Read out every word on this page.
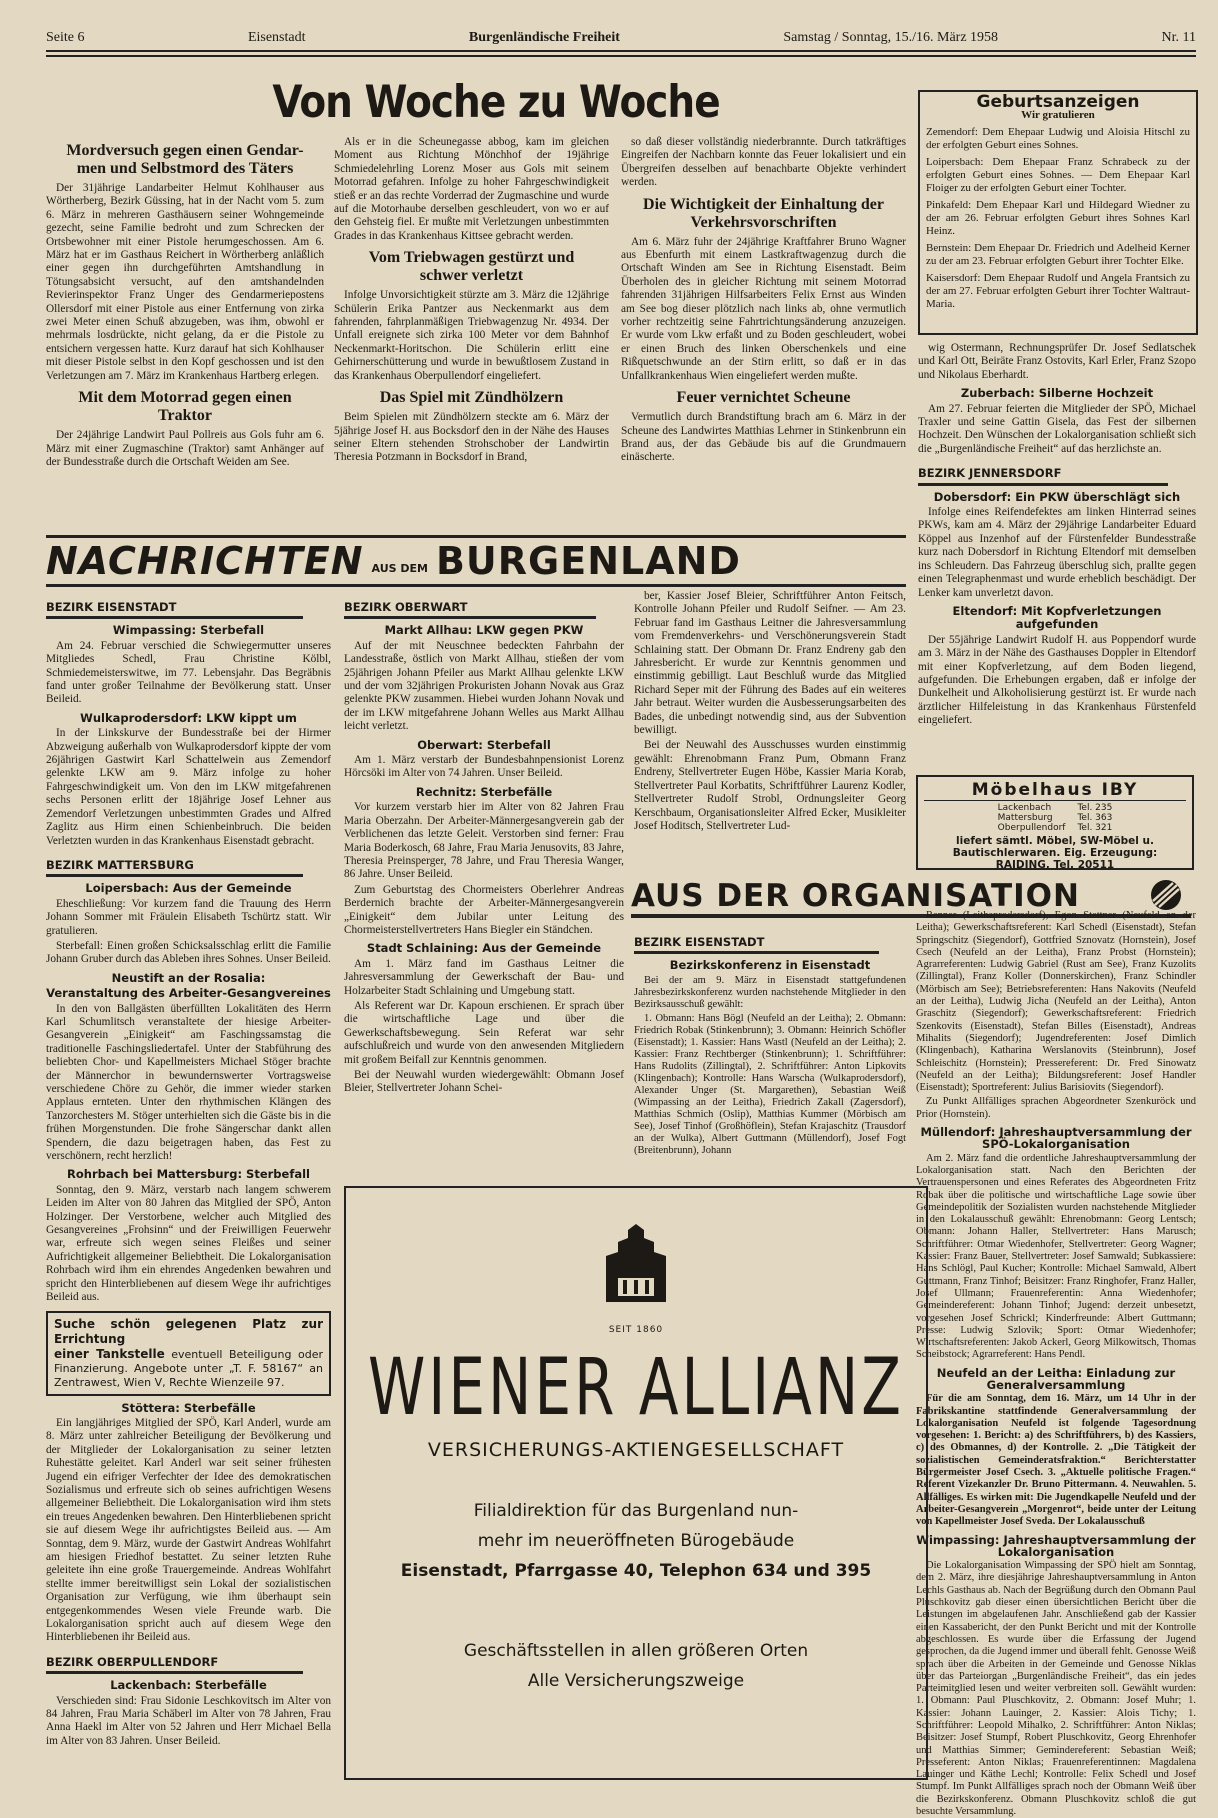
Seite 6	Eisenstadt	Burgenländische Freiheit	Samstag / Sonntag, 15./16. März 1958	Nr. 11
Von Woche zu Woche
Mordversuch gegen einen Gendar-
men und Selbstmord des Täters

Der 31jährige Landarbeiter Helmut Kohlhauser aus Wörtherberg, Bezirk Güssing, hat in der Nacht vom 5. zum 6. März in mehreren Gasthäusern seiner Wohngemeinde gezecht, seine Familie bedroht und zum Schrecken der Ortsbewohner mit einer Pistole herumgeschossen. Am 6. März hat er im Gasthaus Reichert in Wörtherberg anläßlich einer gegen ihn durchgeführten Amtshandlung in Tötungsabsicht versucht, auf den amtshandelnden Revierinspektor Franz Unger des Gendarmeriepostens Ollersdorf mit einer Pistole aus einer Entfernung von zirka zwei Meter einen Schuß abzugeben, was ihm, obwohl er mehrmals losdrückte, nicht gelang, da er die Pistole zu entsichern vergessen hatte. Kurz darauf hat sich Kohlhauser mit dieser Pistole selbst in den Kopf geschossen und ist den Verletzungen am 7. März im Krankenhaus Hartberg erlegen.

Mit dem Motorrad gegen einen
Traktor

Der 24jährige Landwirt Paul Pollreis aus Gols fuhr am 6. März mit einer Zugmaschine (Traktor) samt Anhänger auf der Bundesstraße durch die Ortschaft Weiden am See.

Als er in die Scheunegasse abbog, kam im gleichen Moment aus Richtung Mönchhof der 19jährige Schmiedelehrling Lorenz Moser aus Gols mit seinem Motorrad gefahren. Infolge zu hoher Fahrgeschwindigkeit stieß er an das rechte Vorderrad der Zugmaschine und wurde auf die Motorhaube derselben geschleudert, von wo er auf den Gehsteig fiel. Er mußte mit Verletzungen unbestimmten Grades in das Krankenhaus Kittsee gebracht werden.

Vom Triebwagen gestürzt und
schwer verletzt

Infolge Unvorsichtigkeit stürzte am 3. März die 12jährige Schülerin Erika Pantzer aus Neckenmarkt aus dem fahrenden, fahrplanmäßigen Triebwagenzug Nr. 4934. Der Unfall ereignete sich zirka 100 Meter vor dem Bahnhof Neckenmarkt-Horitschon. Die Schülerin erlitt eine Gehirnerschütterung und wurde in bewußtlosem Zustand in das Krankenhaus Oberpullendorf eingeliefert.

Das Spiel mit Zündhölzern

Beim Spielen mit Zündhölzern steckte am 6. März der 5jährige Josef H. aus Bocksdorf den in der Nähe des Hauses seiner Eltern stehenden Strohschober der Landwirtin Theresia Potzmann in Bocksdorf in Brand,

so daß dieser vollständig niederbrannte. Durch tatkräftiges Eingreifen der Nachbarn konnte das Feuer lokalisiert und ein Übergreifen desselben auf benachbarte Objekte verhindert werden.

Die Wichtigkeit der Einhaltung der
Verkehrsvorschriften

Am 6. März fuhr der 24jährige Kraftfahrer Bruno Wagner aus Ebenfurth mit einem Lastkraftwagenzug durch die Ortschaft Winden am See in Richtung Eisenstadt. Beim Überholen des in gleicher Richtung mit seinem Motorrad fahrenden 31jährigen Hilfsarbeiters Felix Ernst aus Winden am See bog dieser plötzlich nach links ab, ohne vermutlich vorher rechtzeitig seine Fahrtrichtungsänderung anzuzeigen. Er wurde vom Lkw erfaßt und zu Boden geschleudert, wobei er einen Bruch des linken Oberschenkels und eine Rißquetschwunde an der Stirn erlitt, so daß er in das Unfallkrankenhaus Wien eingeliefert werden mußte.

Feuer vernichtet Scheune

Vermutlich durch Brandstiftung brach am 6. März in der Scheune des Landwirtes Matthias Lehrner in Stinkenbrunn ein Brand aus, der das Gebäude bis auf die Grundmauern einäscherte.

Geburtsanzeigen
Wir gratulieren

Zemendorf: Dem Ehepaar Ludwig und Aloisia Hitschl zu der erfolgten Geburt eines Sohnes.

Loipersbach: Dem Ehepaar Franz Schrabeck zu der erfolgten Geburt eines Sohnes. — Dem Ehepaar Karl Floiger zu der erfolgten Geburt einer Tochter.

Pinkafeld: Dem Ehepaar Karl und Hildegard Wiedner zu der am 26. Februar erfolgten Geburt ihres Sohnes Karl Heinz.

Bernstein: Dem Ehepaar Dr. Friedrich und Adelheid Kerner zu der am 23. Februar erfolgten Geburt ihrer Tochter Elke.

Kaisersdorf: Dem Ehepaar Rudolf und Angela Frantsich zu der am 27. Februar erfolgten Geburt ihrer Tochter Waltraut-Maria.

wig Ostermann, Rechnungsprüfer Dr. Josef Sedlatschek und Karl Ott, Beiräte Franz Ostovits, Karl Erler, Franz Szopo und Nikolaus Eberhardt.

Zuberbach: Silberne Hochzeit

Am 27. Februar feierten die Mitglieder der SPÖ, Michael Traxler und seine Gattin Gisela, das Fest der silbernen Hochzeit. Den Wünschen der Lokalorganisation schließt sich die „Burgenländische Freiheit“ auf das herzlichste an.

BEZIRK JENNERSDORF
Dobersdorf: Ein PKW überschlägt sich

Infolge eines Reifendefektes am linken Hinterrad seines PKWs, kam am 4. März der 29jährige Landarbeiter Eduard Köppel aus Inzenhof auf der Fürstenfelder Bundesstraße kurz nach Dobersdorf in Richtung Eltendorf mit demselben ins Schleudern. Das Fahrzeug überschlug sich, prallte gegen einen Telegraphenmast und wurde erheblich beschädigt. Der Lenker kam unverletzt davon.

Eltendorf: Mit Kopfverletzungen aufgefunden

Der 55jährige Landwirt Rudolf H. aus Poppendorf wurde am 3. März in der Nähe des Gasthauses Doppler in Eltendorf mit einer Kopfverletzung, auf dem Boden liegend, aufgefunden. Die Erhebungen ergaben, daß er infolge der Dunkelheit und Alkoholisierung gestürzt ist. Er wurde nach ärztlicher Hilfeleistung in das Krankenhaus Fürstenfeld eingeliefert.

Möbelhaus IBY
Lackenbach	Tel. 235
Mattersburg	Tel. 363
Oberpullendorf	Tel. 321
liefert sämtl. Möbel, SW-Möbel u. Bautischlerwaren. Eig. Erzeugung: RAIDING, Tel. 20511
NACHRICHTEN AUS DEM BURGENLAND
BEZIRK EISENSTADT
Wimpassing: Sterbefall

Am 24. Februar verschied die Schwiegermutter unseres Mitgliedes Schedl, Frau Christine Kölbl, Schmiedemeisterswitwe, im 77. Lebensjahr. Das Begräbnis fand unter großer Teilnahme der Bevölkerung statt. Unser Beileid.

Wulkaprodersdorf: LKW kippt um

In der Linkskurve der Bundesstraße bei der Hirmer Abzweigung außerhalb von Wulkaprodersdorf kippte der vom 26jährigen Gastwirt Karl Schattelwein aus Zemendorf gelenkte LKW am 9. März infolge zu hoher Fahrgeschwindigkeit um. Von den im LKW mitgefahrenen sechs Personen erlitt der 18jährige Josef Lehner aus Zemendorf Verletzungen unbestimmten Grades und Alfred Zaglitz aus Hirm einen Schienbeinbruch. Die beiden Verletzten wurden in das Krankenhaus Eisenstadt gebracht.

BEZIRK MATTERSBURG
Loipersbach: Aus der Gemeinde

Eheschließung: Vor kurzem fand die Trauung des Herrn Johann Sommer mit Fräulein Elisabeth Tschürtz statt. Wir gratulieren.

Sterbefall: Einen großen Schicksalsschlag erlitt die Familie Johann Gruber durch das Ableben ihres Sohnes. Unser Beileid.

Neustift an der Rosalia:
Veranstaltung des Arbeiter-Gesangvereines

In den von Ballgästen überfüllten Lokalitäten des Herrn Karl Schumlitsch veranstaltete der hiesige Arbeiter-Gesangverein „Einigkeit“ am Faschingssamstag die traditionelle Faschingsliedertafel. Unter der Stabführung des beliebten Chor- und Kapellmeisters Michael Stöger brachte der Männerchor in bewundernswerter Vortragsweise verschiedene Chöre zu Gehör, die immer wieder starken Applaus ernteten. Unter den rhythmischen Klängen des Tanzorchesters M. Stöger unterhielten sich die Gäste bis in die frühen Morgenstunden. Die frohe Sängerschar dankt allen Spendern, die dazu beigetragen haben, das Fest zu verschönern, recht herzlich!

Rohrbach bei Mattersburg: Sterbefall

Sonntag, den 9. März, verstarb nach langem schwerem Leiden im Alter von 80 Jahren das Mitglied der SPÖ, Anton Holzinger. Der Verstorbene, welcher auch Mitglied des Gesangvereines „Frohsinn“ und der Freiwilligen Feuerwehr war, erfreute sich wegen seines Fleißes und seiner Aufrichtigkeit allgemeiner Beliebtheit. Die Lokalorganisation Rohrbach wird ihm ein ehrendes Angedenken bewahren und spricht den Hinterbliebenen auf diesem Wege ihr aufrichtiges Beileid aus.

Suche schön gelegenen Platz zur Errichtung
einer Tankstelle eventuell Beteiligung oder Finanzierung. Angebote unter „T. F. 58167“ an Zentrawest, Wien V, Rechte Wienzeile 97.
Stöttera: Sterbefälle

Ein langjähriges Mitglied der SPÖ, Karl Anderl, wurde am 8. März unter zahlreicher Beteiligung der Bevölkerung und der Mitglieder der Lokalorganisation zu seiner letzten Ruhestätte geleitet. Karl Anderl war seit seiner frühesten Jugend ein eifriger Verfechter der Idee des demokratischen Sozialismus und erfreute sich ob seines aufrichtigen Wesens allgemeiner Beliebtheit. Die Lokalorganisation wird ihm stets ein treues Angedenken bewahren. Den Hinterbliebenen spricht sie auf diesem Wege ihr aufrichtigstes Beileid aus. — Am Sonntag, dem 9. März, wurde der Gastwirt Andreas Wohlfahrt am hiesigen Friedhof bestattet. Zu seiner letzten Ruhe geleitete ihn eine große Trauergemeinde. Andreas Wohlfahrt stellte immer bereitwilligst sein Lokal der sozialistischen Organisation zur Verfügung, wie ihm überhaupt sein entgegenkommendes Wesen viele Freunde warb. Die Lokalorganisation spricht auch auf diesem Wege den Hinterbliebenen ihr Beileid aus.

BEZIRK OBERPULLENDORF
Lackenbach: Sterbefälle

Verschieden sind: Frau Sidonie Leschkovitsch im Alter von 84 Jahren, Frau Maria Schäberl im Alter von 78 Jahren, Frau Anna Haekl im Alter von 52 Jahren und Herr Michael Bella im Alter von 83 Jahren. Unser Beileid.

BEZIRK OBERWART
Markt Allhau: LKW gegen PKW

Auf der mit Neuschnee bedeckten Fahrbahn der Landesstraße, östlich von Markt Allhau, stießen der vom 25jährigen Johann Pfeiler aus Markt Allhau gelenkte LKW und der vom 32jährigen Prokuristen Johann Novak aus Graz gelenkte PKW zusammen. Hiebei wurden Johann Novak und der im LKW mitgefahrene Johann Welles aus Markt Allhau leicht verletzt.

Oberwart: Sterbefall

Am 1. März verstarb der Bundesbahnpensionist Lorenz Hörcsöki im Alter von 74 Jahren. Unser Beileid.

Rechnitz: Sterbefälle

Vor kurzem verstarb hier im Alter von 82 Jahren Frau Maria Oberzahn. Der Arbeiter-Männergesangverein gab der Verblichenen das letzte Geleit. Verstorben sind ferner: Frau Maria Boderkosch, 68 Jahre, Frau Maria Jenusovits, 83 Jahre, Theresia Preinsperger, 78 Jahre, und Frau Theresia Wanger, 86 Jahre. Unser Beileid.

Zum Geburtstag des Chormeisters Oberlehrer Andreas Berdernich brachte der Arbeiter-Männergesangverein „Einigkeit“ dem Jubilar unter Leitung des Chormeisterstellvertreters Hans Biegler ein Ständchen.

Stadt Schlaining: Aus der Gemeinde

Am 1. März fand im Gasthaus Leitner die Jahresversammlung der Gewerkschaft der Bau- und Holzarbeiter Stadt Schlaining und Umgebung statt.

Als Referent war Dr. Kapoun erschienen. Er sprach über die wirtschaftliche Lage und über die Gewerkschaftsbewegung. Sein Referat war sehr aufschlußreich und wurde von den anwesenden Mitgliedern mit großem Beifall zur Kenntnis genommen.

Bei der Neuwahl wurden wiedergewählt: Obmann Josef Bleier, Stellvertreter Johann Schei-

ber, Kassier Josef Bleier, Schriftführer Anton Feitsch, Kontrolle Johann Pfeiler und Rudolf Seifner. — Am 23. Februar fand im Gasthaus Leitner die Jahresversammlung vom Fremdenverkehrs- und Verschönerungsverein Stadt Schlaining statt. Der Obmann Dr. Franz Endreny gab den Jahresbericht. Er wurde zur Kenntnis genommen und einstimmig gebilligt. Laut Beschluß wurde das Mitglied Richard Seper mit der Führung des Bades auf ein weiteres Jahr betraut. Weiter wurden die Ausbesserungsarbeiten des Bades, die unbedingt notwendig sind, aus der Subvention bewilligt.

Bei der Neuwahl des Ausschusses wurden einstimmig gewählt: Ehrenobmann Franz Pum, Obmann Franz Endreny, Stellvertreter Eugen Höbe, Kassier Maria Korab, Stellvertreter Paul Korbatits, Schriftführer Laurenz Kodler, Stellvertreter Rudolf Strobl, Ordnungsleiter Georg Kerschbaum, Organisationsleiter Alfred Ecker, Musikleiter Josef Hoditsch, Stellvertreter Lud-

AUS DER ORGANISATION
BEZIRK EISENSTADT
Bezirkskonferenz in Eisenstadt

Bei der am 9. März in Eisenstadt stattgefundenen Jahresbezirkskonferenz wurden nachstehende Mitglieder in den Bezirksausschuß gewählt:

1. Obmann: Hans Bögl (Neufeld an der Leitha); 2. Obmann: Friedrich Robak (Stinkenbrunn); 3. Obmann: Heinrich Schöfler (Eisenstadt); 1. Kassier: Hans Wastl (Neufeld an der Leitha); 2. Kassier: Franz Rechtberger (Stinkenbrunn); 1. Schriftführer: Hans Rudolits (Zillingtal), 2. Schriftführer: Anton Lipkovits (Klingenbach); Kontrolle: Hans Warscha (Wulkaprodersdorf), Alexander Unger (St. Margarethen), Sebastian Weiß (Wimpassing an der Leitha), Friedrich Zakall (Zagersdorf), Matthias Schmich (Oslip), Matthias Kummer (Mörbisch am See), Josef Tinhof (Großhöflein), Stefan Krajaschitz (Trausdorf an der Wulka), Albert Guttmann (Müllendorf), Josef Fogt (Breitenbrunn), Johann

Renner (Leithaprodersdorf), Egon Stettner (Neufeld an der Leitha); Gewerkschaftsreferent: Karl Schedl (Eisenstadt), Stefan Springschitz (Siegendorf), Gottfried Sznovatz (Hornstein), Josef Csech (Neufeld an der Leitha), Franz Probst (Hornstein); Agrarreferenten: Ludwig Gabriel (Rust am See), Franz Kuzolits (Zillingtal), Franz Koller (Donnerskirchen), Franz Schindler (Mörbisch am See); Betriebsreferenten: Hans Nakovits (Neufeld an der Leitha), Ludwig Jicha (Neufeld an der Leitha), Anton Graschitz (Siegendorf); Gewerkschaftsreferent: Friedrich Szenkovits (Eisenstadt), Stefan Billes (Eisenstadt), Andreas Mihalits (Siegendorf); Jugendreferenten: Josef Dimlich (Klingenbach), Katharina Werslanovits (Steinbrunn), Josef Schleischitz (Hornstein); Pressereferent: Dr. Fred Sinowatz (Neufeld an der Leitha); Bildungsreferent: Josef Handler (Eisenstadt); Sportreferent: Julius Barisiovits (Siegendorf).

Zu Punkt Allfälliges sprachen Abgeordneter Szenkuröck und Prior (Hornstein).

Müllendorf: Jahreshauptversammlung der SPÖ-Lokalorganisation

Am 2. März fand die ordentliche Jahreshauptversammlung der Lokalorganisation statt. Nach den Berichten der Vertrauenspersonen und eines Referates des Abgeordneten Fritz Robak über die politische und wirtschaftliche Lage sowie über Gemeindepolitik der Sozialisten wurden nachstehende Mitglieder in den Lokalausschuß gewählt: Ehrenobmann: Georg Lentsch; Obmann: Johann Haller, Stellvertreter: Hans Marusch; Schriftführer: Otmar Wiedenhofer, Stellvertreter: Georg Wagner; Kassier: Franz Bauer, Stellvertreter: Josef Samwald; Subkassiere: Hans Schlögl, Paul Kucher; Kontrolle: Michael Samwald, Albert Guttmann, Franz Tinhof; Beisitzer: Franz Ringhofer, Franz Haller, Josef Ullmann; Frauenreferentin: Anna Wiedenhofer; Gemeindereferent: Johann Tinhof; Jugend: derzeit unbesetzt, vorgesehen Josef Schrickl; Kinderfreunde: Albert Guttmann; Presse: Ludwig Szlovik; Sport: Otmar Wiedenhofer; Wirtschaftsreferenten: Jakob Ackerl, Georg Milkowitsch, Thomas Scheibstock; Agrarreferent: Hans Pendl.

Neufeld an der Leitha: Einladung zur Generalversammlung

Für die am Sonntag, dem 16. März, um 14 Uhr in der Fabrikskantine stattfindende Generalversammlung der Lokalorganisation Neufeld ist folgende Tagesordnung vorgesehen: 1. Bericht: a) des Schriftführers, b) des Kassiers, c) des Obmannes, d) der Kontrolle. 2. „Die Tätigkeit der sozialistischen Gemeinderatsfraktion.“ Berichterstatter Bürgermeister Josef Csech. 3. „Aktuelle politische Fragen.“ Referent Vizekanzler Dr. Bruno Pittermann. 4. Neuwahlen. 5. Allfälliges. Es wirken mit: Die Jugendkapelle Neufeld und der Arbeiter-Gesangverein „Morgenrot“, beide unter der Leitung von Kapellmeister Josef Sveda. Der Lokalausschuß

Wimpassing: Jahreshauptversammlung der Lokalorganisation

Die Lokalorganisation Wimpassing der SPÖ hielt am Sonntag, dem 2. März, ihre diesjährige Jahreshauptversammlung in Anton Lechls Gasthaus ab. Nach der Begrüßung durch den Obmann Paul Pluschkovitz gab dieser einen übersichtlichen Bericht über die Leistungen im abgelaufenen Jahr. Anschließend gab der Kassier einen Kassabericht, der den Punkt Bericht und mit der Kontrolle abgeschlossen. Es wurde über die Erfassung der Jugend gesprochen, da die Jugend immer und überall fehlt. Genosse Weiß sprach über die Arbeiten in der Gemeinde und Genosse Niklas über das Parteiorgan „Burgenländische Freiheit“, das ein jedes Parteimitglied lesen und weiter verbreiten soll. Gewählt wurden: 1. Obmann: Paul Pluschkovitz, 2. Obmann: Josef Muhr; 1. Kassier: Johann Lauinger, 2. Kassier: Alois Tichy; 1. Schriftführer: Leopold Mihalko, 2. Schriftführer: Anton Niklas; Beisitzer: Josef Stumpf, Robert Pluschkovitz, Georg Ehrenhofer und Matthias Simmer; Gemindereferent: Sebastian Weiß; Presseferent: Anton Niklas; Frauenreferentinnen: Magdalena Lauinger und Käthe Lechl; Kontrolle: Felix Schedl und Josef Stumpf. Im Punkt Allfälliges sprach noch der Obmann Weiß über die Bezirkskonferenz. Obmann Pluschkovitz schloß die gut besuchte Versammlung.

SEIT 1860
WIENER ALLIANZ
VERSICHERUNGS-AKTIENGESELLSCHAFT
Filialdirektion für das Burgenland nun-
mehr im neueröffneten Bürogebäude
Eisenstadt, Pfarrgasse 40, Telephon 634 und 395
Geschäftsstellen in allen größeren Orten
Alle Versicherungszweige
